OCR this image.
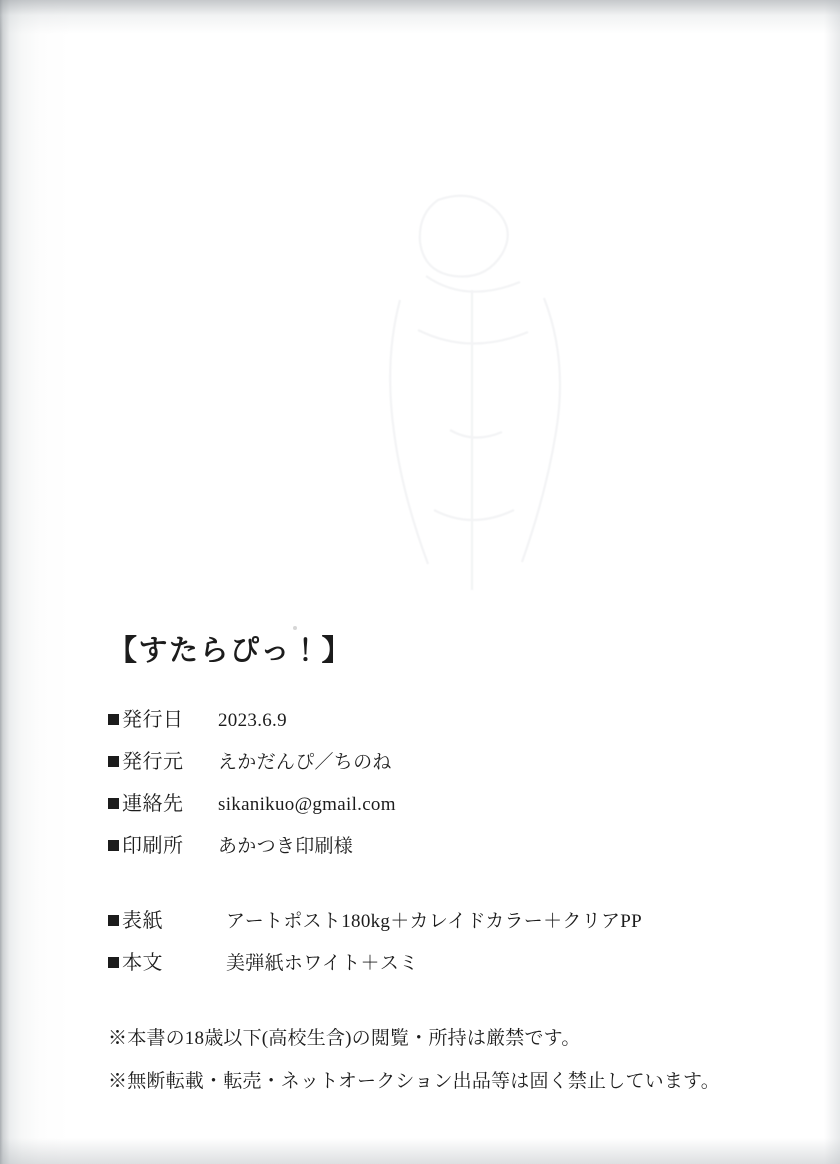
【すたらぴっ！】
発行日	2023.6.9
発行元	えかだんぴ／ちのね
連絡先	sikanikuo@gmail.com
印刷所	あかつき印刷様
表紙	アートポスト180kg＋カレイドカラー＋クリアPP
本文	美弾紙ホワイト＋スミ
※本書の18歳以下(高校生含)の閲覧・所持は厳禁です。
※無断転載・転売・ネットオークション出品等は固く禁止しています。
